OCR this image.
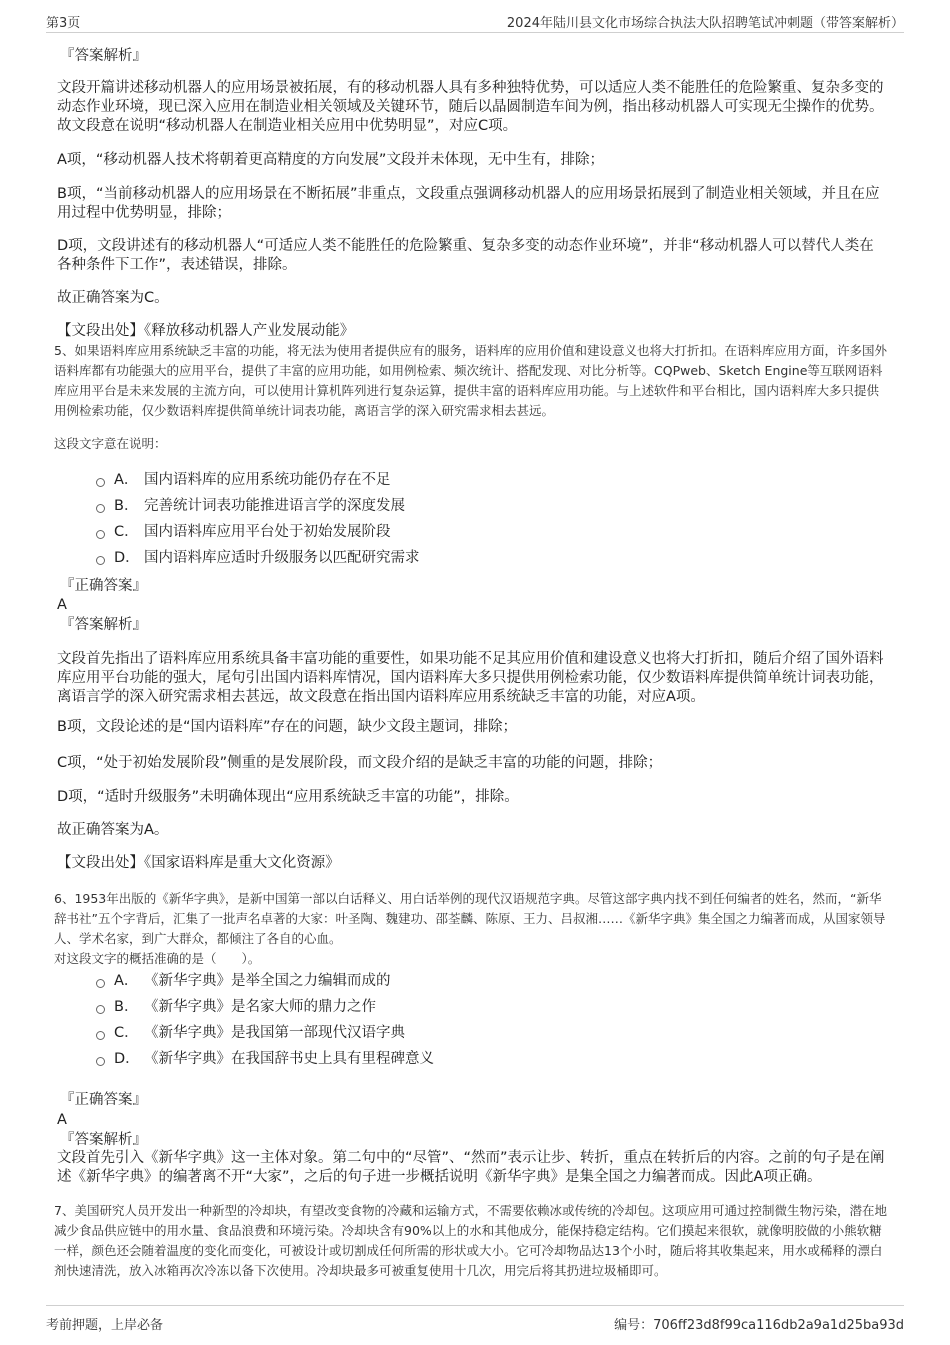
第3页	2024年陆川县文化市场综合执法大队招聘笔试冲刺题（带答案解析）
『答案解析』
文段开篇讲述移动机器人的应用场景被拓展，有的移动机器人具有多种独特优势，可以适应人类不能胜任的危险繁重、复杂多变的动态作业环境，现已深入应用在制造业相关领域及关键环节，随后以晶圆制造车间为例，指出移动机器人可实现无尘操作的优势。故文段意在说明“移动机器人在制造业相关应用中优势明显”，对应C项。
A项，“移动机器人技术将朝着更高精度的方向发展”文段并未体现，无中生有，排除；
B项，“当前移动机器人的应用场景在不断拓展”非重点，文段重点强调移动机器人的应用场景拓展到了制造业相关领域，并且在应用过程中优势明显，排除；
D项，文段讲述有的移动机器人“可适应人类不能胜任的危险繁重、复杂多变的动态作业环境”，并非“移动机器人可以替代人类在各种条件下工作”，表述错误，排除。
故正确答案为C。
【文段出处】《释放移动机器人产业发展动能》
5、如果语料库应用系统缺乏丰富的功能，将无法为使用者提供应有的服务，语料库的应用价值和建设意义也将大打折扣。在语料库应用方面，许多国外语料库都有功能强大的应用平台，提供了丰富的应用功能，如用例检索、频次统计、搭配发现、对比分析等。CQPweb、Sketch Engine等互联网语料库应用平台是未来发展的主流方向，可以使用计算机阵列进行复杂运算，提供丰富的语料库应用功能。与上述软件和平台相比，国内语料库大多只提供用例检索功能，仅少数语料库提供简单统计词表功能，离语言学的深入研究需求相去甚远。
这段文字意在说明：
A． 国内语料库的应用系统功能仍存在不足
B． 完善统计词表功能推进语言学的深度发展
C． 国内语料库应用平台处于初始发展阶段
D． 国内语料库应适时升级服务以匹配研究需求
『正确答案』
A
『答案解析』
文段首先指出了语料库应用系统具备丰富功能的重要性，如果功能不足其应用价值和建设意义也将大打折扣，随后介绍了国外语料库应用平台功能的强大，尾句引出国内语料库情况，国内语料库大多只提供用例检索功能，仅少数语料库提供简单统计词表功能，离语言学的深入研究需求相去甚远，故文段意在指出国内语料库应用系统缺乏丰富的功能，对应A项。
B项，文段论述的是“国内语料库”存在的问题，缺少文段主题词，排除；
C项，“处于初始发展阶段”侧重的是发展阶段，而文段介绍的是缺乏丰富的功能的问题，排除；
D项，“适时升级服务”未明确体现出“应用系统缺乏丰富的功能”，排除。
故正确答案为A。
【文段出处】《国家语料库是重大文化资源》
6、1953年出版的《新华字典》，是新中国第一部以白话释义、用白话举例的现代汉语规范字典。尽管这部字典内找不到任何编者的姓名，然而，“新华辞书社”五个字背后，汇集了一批声名卓著的大家：叶圣陶、魏建功、邵荃麟、陈原、王力、吕叔湘……《新华字典》集全国之力编著而成，从国家领导人、学术名家，到广大群众，都倾注了各自的心血。
对这段文字的概括准确的是（　　）。
A． 《新华字典》是举全国之力编辑而成的
B． 《新华字典》是名家大师的鼎力之作
C． 《新华字典》是我国第一部现代汉语字典
D． 《新华字典》在我国辞书史上具有里程碑意义
『正确答案』
A
『答案解析』
文段首先引入《新华字典》这一主体对象。第二句中的“尽管”、“然而”表示让步、转折，重点在转折后的内容。之前的句子是在阐述《新华字典》的编著离不开“大家”，之后的句子进一步概括说明《新华字典》是集全国之力编著而成。因此A项正确。
7、美国研究人员开发出一种新型的冷却块，有望改变食物的冷藏和运输方式，不需要依赖冰或传统的冷却包。这项应用可通过控制微生物污染，潜在地减少食品供应链中的用水量、食品浪费和环境污染。冷却块含有90%以上的水和其他成分，能保持稳定结构。它们摸起来很软，就像明胶做的小熊软糖一样，颜色还会随着温度的变化而变化，可被设计或切割成任何所需的形状或大小。它可冷却物品达13个小时，随后将其收集起来，用水或稀释的漂白剂快速清洗，放入冰箱再次冷冻以备下次使用。冷却块最多可被重复使用十几次，用完后将其扔进垃圾桶即可。
考前押题，上岸必备	编号：706ff23d8f99ca116db2a9a1d25ba93d
